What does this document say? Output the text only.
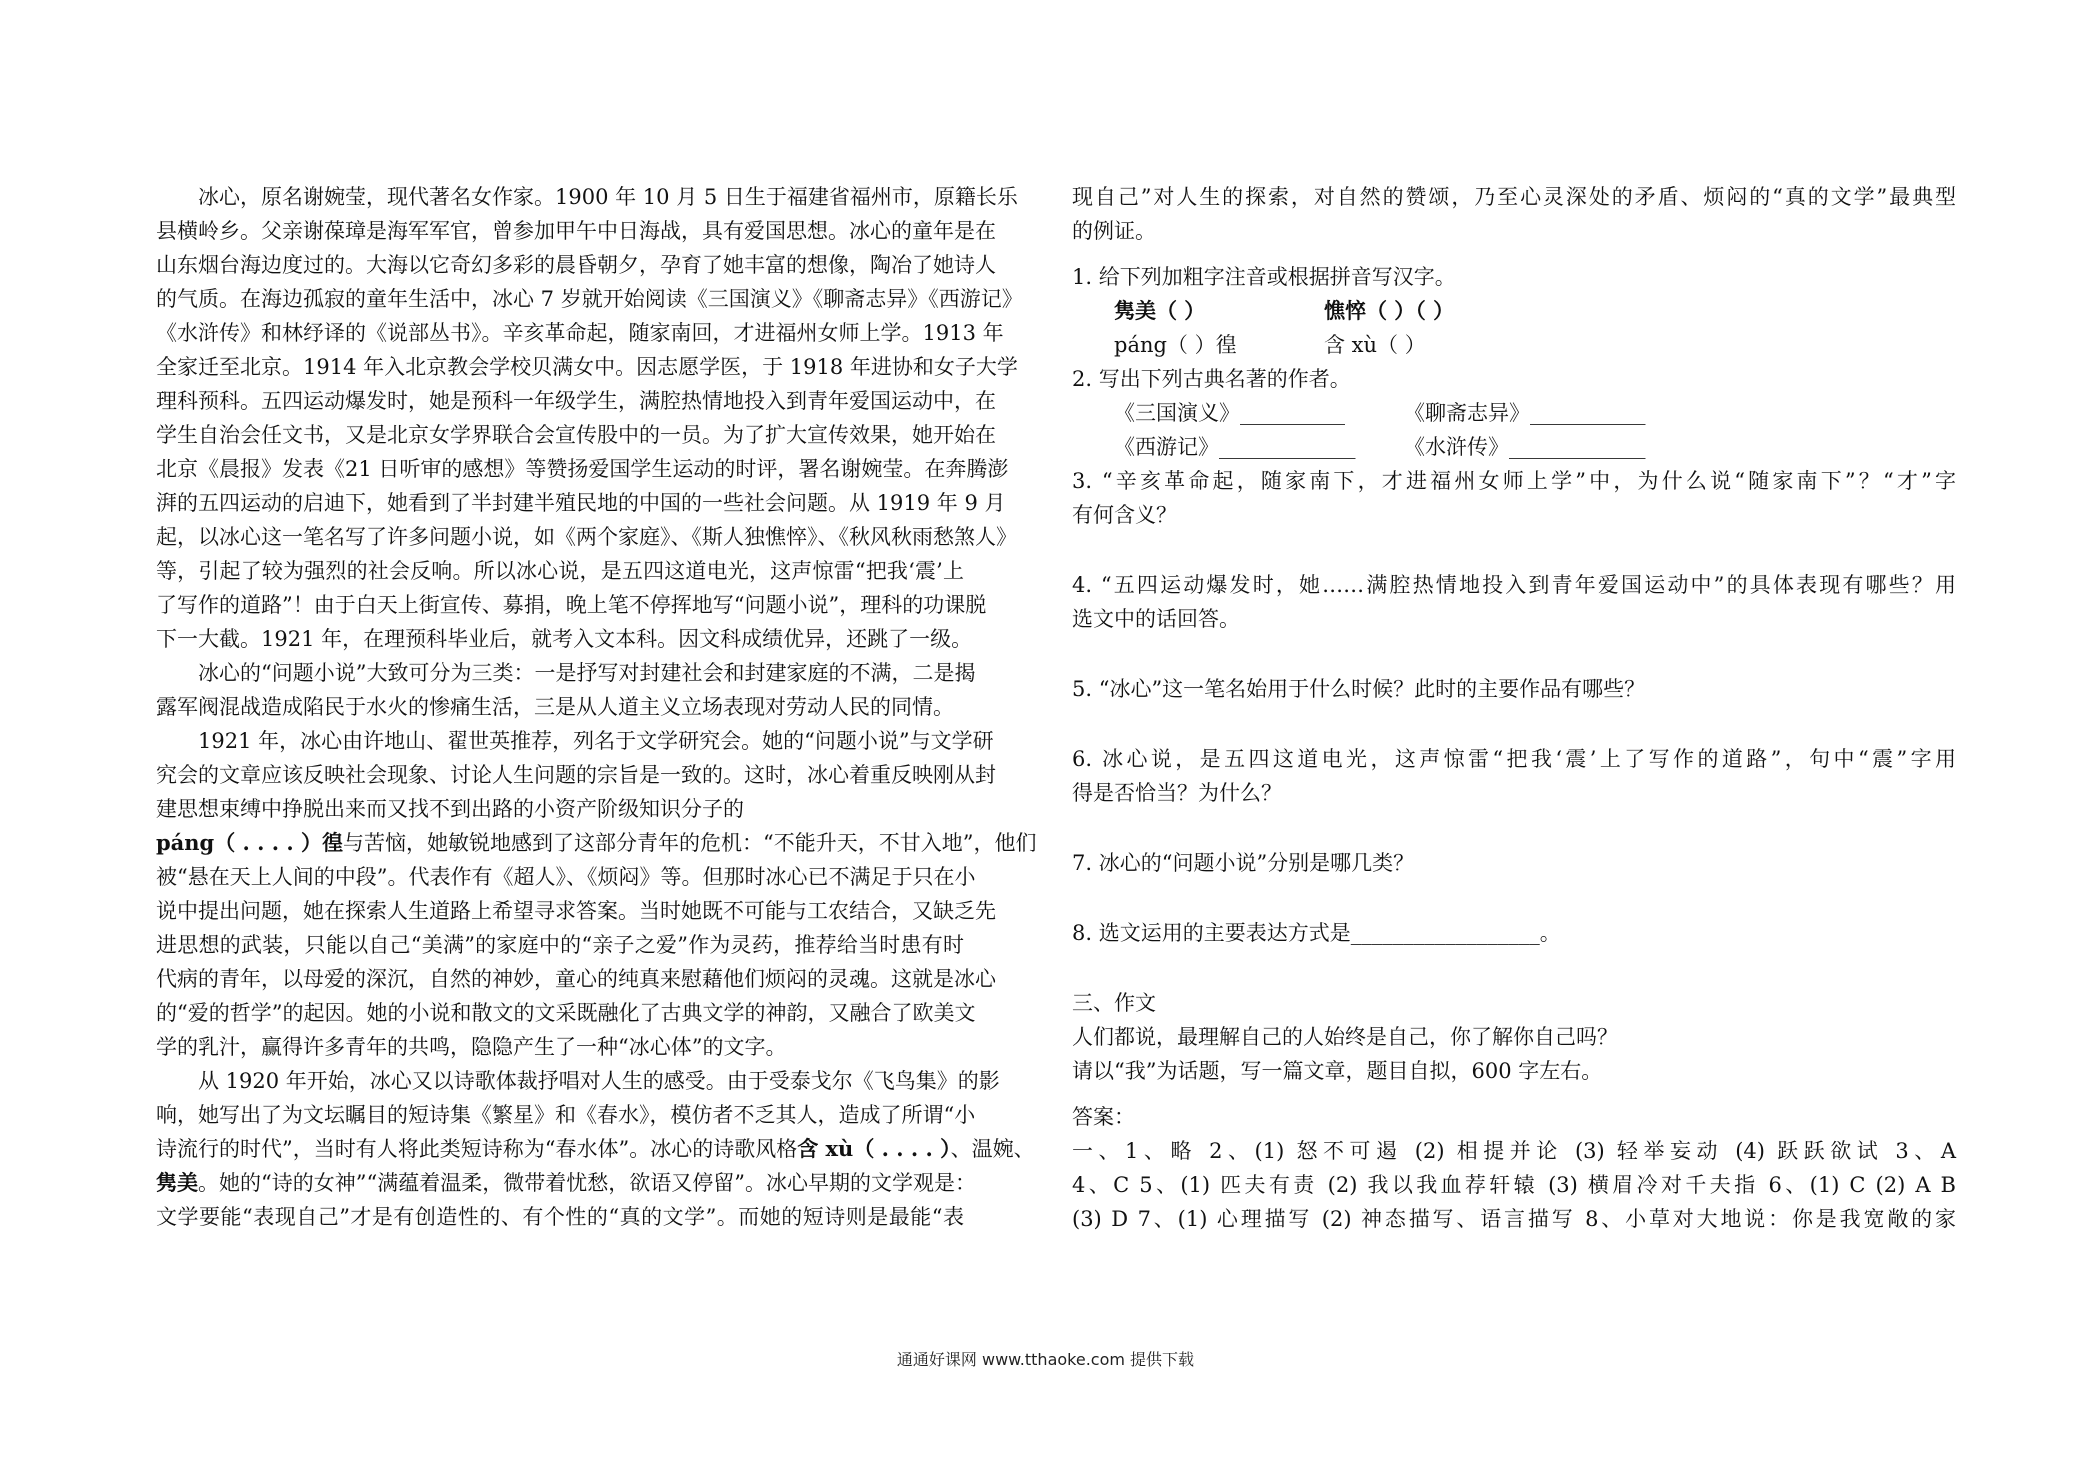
冰心，原名谢婉莹，现代著名女作家。1900 年 10 月 5 日生于福建省福州市，原籍长乐
县横岭乡。父亲谢葆璋是海军军官，曾参加甲午中日海战，具有爱国思想。冰心的童年是在
山东烟台海边度过的。大海以它奇幻多彩的晨昏朝夕，孕育了她丰富的想像，陶冶了她诗人
的气质。在海边孤寂的童年生活中，冰心 7 岁就开始阅读《三国演义》《聊斋志异》《西游记》
《水浒传》和林纾译的《说部丛书》。辛亥革命起，随家南回，才进福州女师上学。1913 年
全家迁至北京。1914 年入北京教会学校贝满女中。因志愿学医，于 1918 年进协和女子大学
理科预科。五四运动爆发时，她是预科一年级学生，满腔热情地投入到青年爱国运动中，在
学生自治会任文书，又是北京女学界联合会宣传股中的一员。为了扩大宣传效果，她开始在
北京《晨报》发表《21 日听审的感想》等赞扬爱国学生运动的时评，署名谢婉莹。在奔腾澎
湃的五四运动的启迪下，她看到了半封建半殖民地的中国的一些社会问题。从 1919 年 9 月
起，以冰心这一笔名写了许多问题小说，如《两个家庭》、《斯人独憔悴》、《秋风秋雨愁煞人》
等，引起了较为强烈的社会反响。所以冰心说，是五四这道电光，这声惊雷“把我‘震’上
了写作的道路”！由于白天上街宣传、募捐，晚上笔不停挥地写“问题小说”，理科的功课脱
下一大截。1921 年，在理预科毕业后，就考入文本科。因文科成绩优异，还跳了一级。
冰心的“问题小说”大致可分为三类：一是抒写对封建社会和封建家庭的不满，二是揭
露军阀混战造成陷民于水火的惨痛生活，三是从人道主义立场表现对劳动人民的同情。
1921 年，冰心由许地山、翟世英推荐，列名于文学研究会。她的“问题小说”与文学研
究会的文章应该反映社会现象、讨论人生问题的宗旨是一致的。这时，冰心着重反映刚从封
建思想束缚中挣脱出来而又找不到出路的小资产阶级知识分子的
páng（ . . . . ）徨与苦恼，她敏锐地感到了这部分青年的危机：“不能升天，不甘入地”，他们
被“悬在天上人间的中段”。代表作有《超人》、《烦闷》等。但那时冰心已不满足于只在小
说中提出问题，她在探索人生道路上希望寻求答案。当时她既不可能与工农结合，又缺乏先
进思想的武装，只能以自己“美满”的家庭中的“亲子之爱”作为灵药，推荐给当时患有时
代病的青年，以母爱的深沉，自然的神妙，童心的纯真来慰藉他们烦闷的灵魂。这就是冰心
的“爱的哲学”的起因。她的小说和散文的文采既融化了古典文学的神韵，又融合了欧美文
学的乳汁，赢得许多青年的共鸣，隐隐产生了一种“冰心体”的文字。
从 1920 年开始，冰心又以诗歌体裁抒唱对人生的感受。由于受泰戈尔《飞鸟集》的影
响，她写出了为文坛瞩目的短诗集《繁星》和《春水》，模仿者不乏其人，造成了所谓“小
诗流行的时代”，当时有人将此类短诗称为“春水体”。冰心的诗歌风格含 xù（ . . . . ）、温婉、
隽美。她的“诗的女神”“满蕴着温柔，微带着忧愁，欲语又停留”。冰心早期的文学观是：
文学要能“表现自己”才是有创造性的、有个性的“真的文学”。而她的短诗则是最能“表
现自己”对人生的探索，对自然的赞颂，乃至心灵深处的矛盾、烦闷的“真的文学”最典型
的例证。
1. 给下列加粗字注音或根据拼音写汉字。
隽美（ ）	憔悴（ ）（ ）
páng（ ）徨	含 xù（ ）
2. 写出下列古典名著的作者。
《三国演义》__________	《聊斋志异》___________
《西游记》_____________	《水浒传》_____________
3. “辛亥革命起，随家南下，才进福州女师上学”中，为什么说“随家南下”？“才”字
有何含义？
4. “五四运动爆发时，她……满腔热情地投入到青年爱国运动中”的具体表现有哪些？用
选文中的话回答。
5. “冰心”这一笔名始用于什么时候？此时的主要作品有哪些？
6. 冰心说，是五四这道电光，这声惊雷“把我‘震’上了写作的道路”，句中“震”字用
得是否恰当？为什么？
7. 冰心的“问题小说”分别是哪几类？
8. 选文运用的主要表达方式是__________________。
三、作文
人们都说，最理解自己的人始终是自己，你了解你自己吗？
请以“我”为话题，写一篇文章，题目自拟，600 字左右。
答案：
一、1、略 2、(1) 怒不可遏 (2) 相提并论 (3) 轻举妄动 (4) 跃跃欲试 3、A
4、C 5、(1) 匹夫有责 (2) 我以我血荐轩辕 (3) 横眉冷对千夫指 6、(1) C (2) A B
(3) D 7、(1) 心理描写 (2) 神态描写、语言描写 8、小草对大地说：你是我宽敞的家
通通好课网 www.tthaoke.com 提供下载
